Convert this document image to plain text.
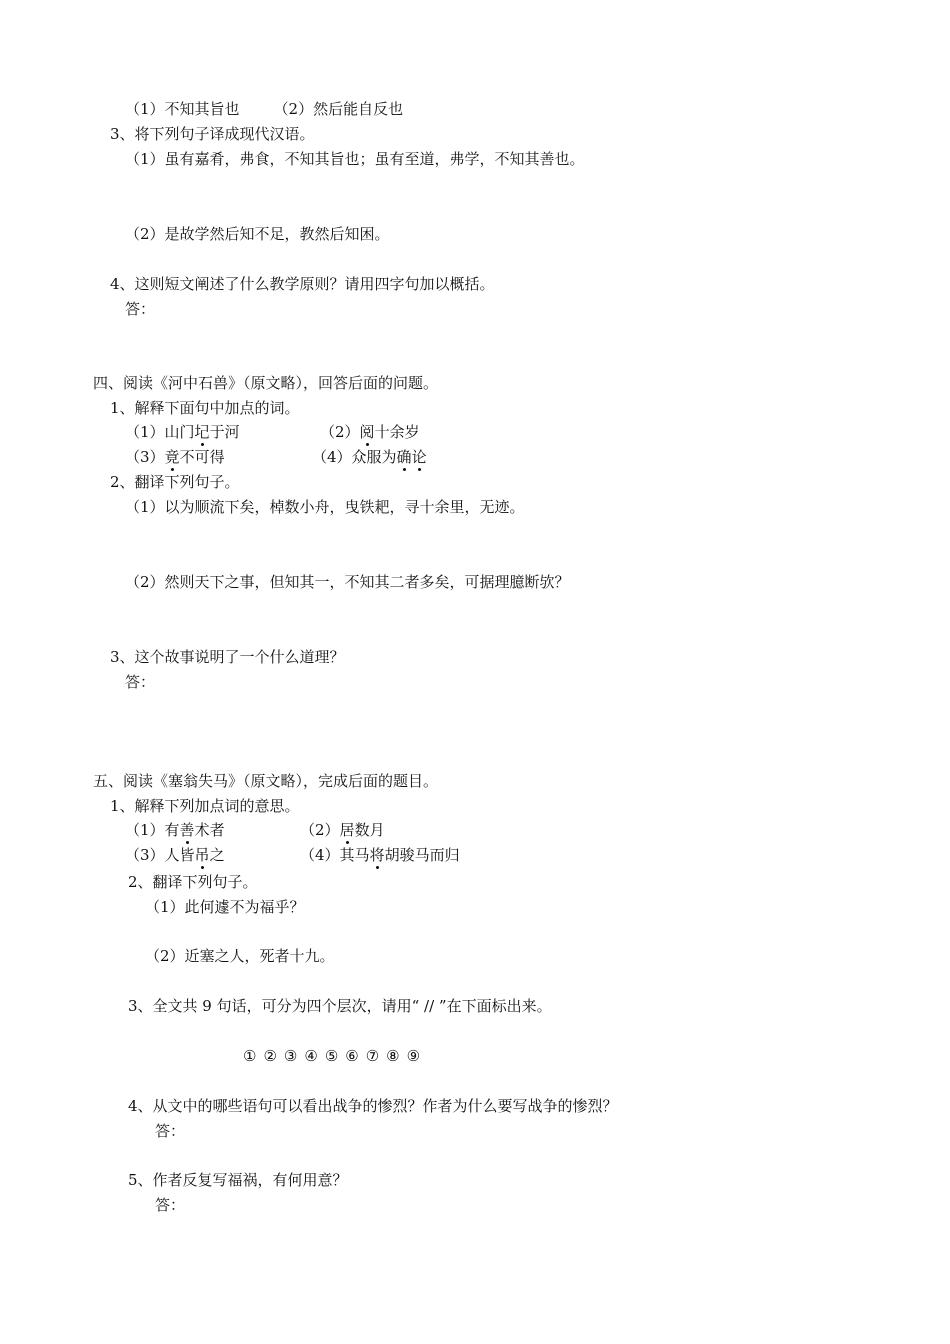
（1）不知其旨也 （2）然后能自反也
3、将下列句子译成现代汉语。
（1）虽有嘉肴，弗食，不知其旨也；虽有至道，弗学，不知其善也。
（2）是故学然后知不足，教然后知困。
4、这则短文阐述了什么教学原则？请用四字句加以概括。
答：
四、阅读《河中石兽》（原文略），回答后面的问题。
1、解释下面句中加点的词。
（1）山门圮于河	（2）阅十余岁
（3）竟不可得	（4）众服为确论
2、翻译下列句子。
（1）以为顺流下矣，棹数小舟，曳铁耙，寻十余里，无迹。
（2）然则天下之事，但知其一，不知其二者多矣，可据理臆断欤？
3、这个故事说明了一个什么道理？
答：
五、阅读《塞翁失马》（原文略），完成后面的题目。
1、解释下列加点词的意思。
（1）有善术者	（2）居数月
（3）人皆吊之	（4）其马将胡骏马而归
2、翻译下列句子。
（1）此何遽不为福乎？
（2）近塞之人，死者十九。
3、全文共 9 句话，可分为四个层次，请用“ // ”在下面标出来。
① ② ③ ④ ⑤ ⑥ ⑦ ⑧ ⑨
4、从文中的哪些语句可以看出战争的惨烈？作者为什么要写战争的惨烈？
答：
5、作者反复写福祸，有何用意？
答：
